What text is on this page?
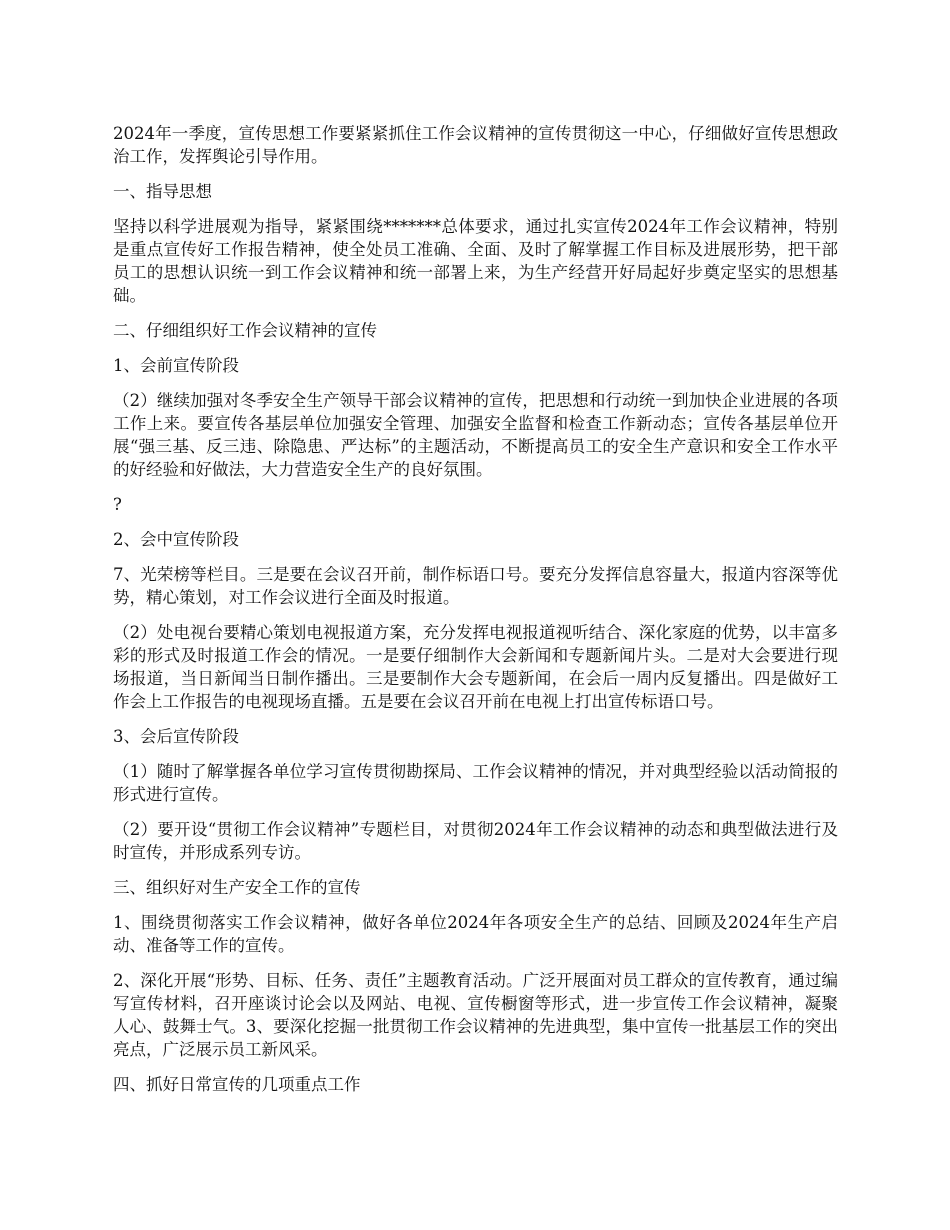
2024年一季度，宣传思想工作要紧紧抓住工作会议精神的宣传贯彻这一中心，仔细做好宣传思想政治工作，发挥舆论引导作用。

一、指导思想

坚持以科学进展观为指导，紧紧围绕*******总体要求，通过扎实宣传2024年工作会议精神，特别是重点宣传好工作报告精神，使全处员工准确、全面、及时了解掌握工作目标及进展形势，把干部员工的思想认识统一到工作会议精神和统一部署上来，为生产经营开好局起好步奠定坚实的思想基础。

二、仔细组织好工作会议精神的宣传

1、会前宣传阶段

（2）继续加强对冬季安全生产领导干部会议精神的宣传，把思想和行动统一到加快企业进展的各项工作上来。要宣传各基层单位加强安全管理、加强安全监督和检查工作新动态；宣传各基层单位开展“强三基、反三违、除隐患、严达标”的主题活动，不断提高员工的安全生产意识和安全工作水平的好经验和好做法，大力营造安全生产的良好氛围。

?

2、会中宣传阶段

7、光荣榜等栏目。三是要在会议召开前，制作标语口号。要充分发挥信息容量大，报道内容深等优势，精心策划，对工作会议进行全面及时报道。

（2）处电视台要精心策划电视报道方案，充分发挥电视报道视听结合、深化家庭的优势，以丰富多彩的形式及时报道工作会的情况。一是要仔细制作大会新闻和专题新闻片头。二是对大会要进行现场报道，当日新闻当日制作播出。三是要制作大会专题新闻，在会后一周内反复播出。四是做好工作会上工作报告的电视现场直播。五是要在会议召开前在电视上打出宣传标语口号。

3、会后宣传阶段

（1）随时了解掌握各单位学习宣传贯彻勘探局、工作会议精神的情况，并对典型经验以活动简报的形式进行宣传。

（2）要开设“贯彻工作会议精神”专题栏目，对贯彻2024年工作会议精神的动态和典型做法进行及时宣传，并形成系列专访。

三、组织好对生产安全工作的宣传

1、围绕贯彻落实工作会议精神，做好各单位2024年各项安全生产的总结、回顾及2024年生产启动、准备等工作的宣传。

2、深化开展“形势、目标、任务、责任”主题教育活动。广泛开展面对员工群众的宣传教育，通过编写宣传材料，召开座谈讨论会以及网站、电视、宣传橱窗等形式，进一步宣传工作会议精神，凝聚人心、鼓舞士气。3、要深化挖掘一批贯彻工作会议精神的先进典型，集中宣传一批基层工作的突出亮点，广泛展示员工新风采。

四、抓好日常宣传的几项重点工作
